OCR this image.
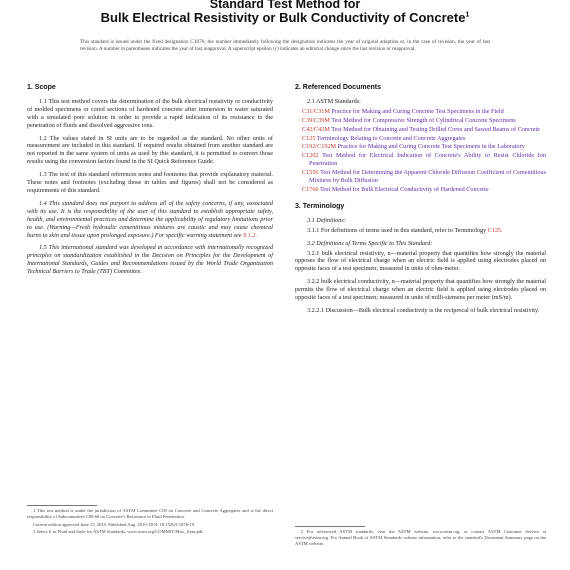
Standard Test Method for
Bulk Electrical Resistivity or Bulk Conductivity of Concrete$^1$
This standard is issued under the fixed designation C1876; the number immediately following the designation indicates the year of original adoption or, in the case of revision, the year of last revision. A number in parentheses indicates the year of last reapproval. A superscript epsilon (ε) indicates an editorial change since the last revision or reapproval.
1. Scope

1.1 This test method covers the determination of the bulk electrical resistivity or conductivity of molded specimens or cored sections of hardened concrete after immersion in water saturated with a simulated pore solution in order to provide a rapid indication of its resistance to the penetration of fluids and dissolved aggressive ions.

1.2 The values stated in SI units are to be regarded as the standard. No other units of measurement are included in this standard. If required results obtained from another standard are not reported in the same system of units as used by this standard, it is permitted to convert those results using the conversion factors found in the SI Quick Reference Guide.

1.3 The text of this standard references notes and footnotes that provide explanatory material. These notes and footnotes (excluding those in tables and figures) shall not be considered as requirements of this standard.

1.4 This standard does not purport to address all of the safety concerns, if any, associated with its use. It is the responsibility of the user of this standard to establish appropriate safety, health, and environmental practices and determine the applicability of regulatory limitations prior to use. (Warning—Fresh hydraulic cementitious mixtures are caustic and may cause chemical burns to skin and tissue upon prolonged exposure.) For specific warning statement see 9.1.2.

1.5 This international standard was developed in accordance with internationally recognized principles on standardization established in the Decision on Principles for the Development of International Standards, Guides and Recommendations issued by the World Trade Organization Technical Barriers to Trade (TBT) Committee.

2. Referenced Documents

2.1 ASTM Standards:

C31/C31M Practice for Making and Curing Concrete Test Specimens in the Field

C39/C39M Test Method for Compressive Strength of Cylindrical Concrete Specimens

C42/C42M Test Method for Obtaining and Testing Drilled Cores and Sawed Beams of Concrete

C125 Terminology Relating to Concrete and Concrete Aggregates

C192/C192M Practice for Making and Curing Concrete Test Specimens in the Laboratory

C1202 Test Method for Electrical Indication of Concrete's Ability to Resist Chloride Ion Penetration

C1556 Test Method for Determining the Apparent Chloride Diffusion Coefficient of Cementitious Mixtures by Bulk Diffusion

C1760 Test Method for Bulk Electrical Conductivity of Hardened Concrete

3. Terminology

3.1 Definitions:

3.1.1 For definitions of terms used in this standard, refer to Terminology C125.

3.2 Definitions of Terms Specific to This Standard:

3.2.1 bulk electrical resistivity, n—material property that quantifies how strongly the material opposes the flow of electrical charge when an electric field is applied using electrodes placed on opposite faces of a test specimen; measured in units of ohm-meter.

3.2.2 bulk electrical conductivity, n—material property that quantifies how strongly the material permits the flow of electrical charge when an electric field is applied using electrodes placed on opposite faces of a test specimen; measured in units of milli-siemens per meter (mS/m).

3.2.2.1 Discussion—Bulk electrical conductivity is the reciprocal of bulk electrical resistivity.

1 This test method is under the jurisdiction of ASTM Committee C09 on Concrete and Concrete Aggregates and is the direct responsibility of Subcommittee C09.66 on Concrete's Resistance to Fluid Penetration.

Current edition approved June 15, 2019. Published Aug. 2019. DOI: 10.1520/C1876-19.

2 Select It to Fluid and Style for ASTM Standards, www.astm.org/COMMIT/Misc_Item.pdf.	2 For referenced ASTM standards, visit the ASTM website, www.astm.org, or contact ASTM Customer Service at service@astm.org. For Annual Book of ASTM Standards volume information, refer to the standard's Document Summary page on the ASTM website.
